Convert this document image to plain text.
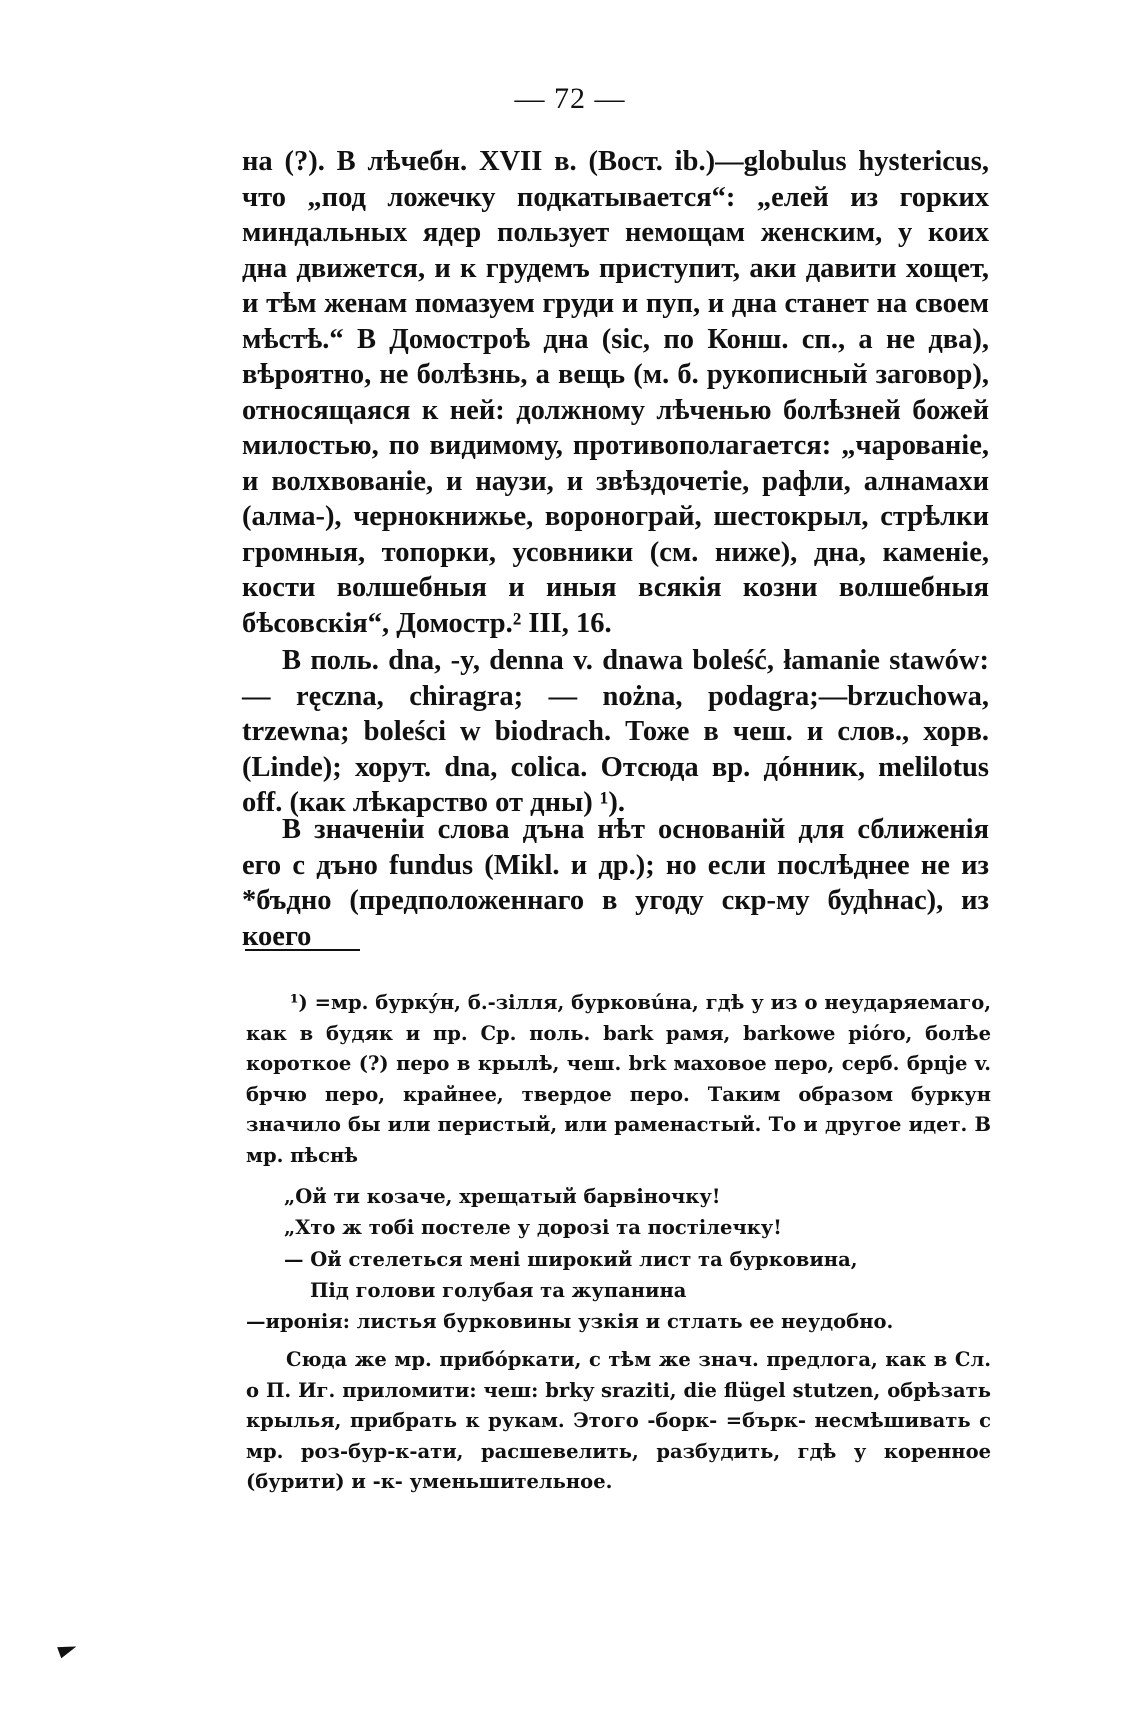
— 72 —

на (?). В лѣчебн. XVII в. (Вост. ib.)—globulus hystericus, что „под ложечку подкатывается“: „елей из горких миндальных ядер пользует немощам женским, у коих дна движется, и к грудемъ приступит, аки давити хощет, и тѣм женам помазуем груди и пуп, и дна станет на своем мѣстѣ.“ В Домостроѣ дна (sic, по Конш. сп., а не два), вѣроятно, не болѣзнь, а вещь (м. б. рукописный заговор), относящаяся к ней: должному лѣченью болѣзней божей милостью, по видимому, противополагается: „чарованіе, и волхвованіе, и наузи, и звѣздочетіе, рафли, алнамахи (алма-), чернокнижье, воронограй, шестокрыл, стрѣлки громныя, топорки, усовники (см. ниже), дна, каменіе, кости волшебныя и иныя всякія козни волшебныя бѣсовскія“, Домостр.² III, 16.

В поль. dna, -y, denna v. dnawa boleść, łamanie stawów: — ręczna, chiragra; — nożna, podagra;—brzuchowa, trzewna; boleści w biodrach. Тоже в чеш. и слов., хорв. (Linde); хорут. dna, colica. Отсюда вр. дóнник, melilotus off. (как лѣкарство от дны) ¹).

В значеніи слова дъна нѣт основаній для сближенія его с дъно fundus (Mikl. и др.); но если послѣднее не из *бъдно (предположеннаго в угоду скр-му будhнас), из коего

¹) =мр. буркýн, б.-зілля, бурковúна, гдѣ у из о неударяемаго, как в будяк и пр. Ср. поль. bark рамя, barkowe pióro, болѣе короткое (?) перо в крылѣ, чеш. brk маховое перо, серб. брцје v. брчю перо, крайнее, твердое перо. Таким образом буркун значило бы или перистый, или раменастый. То и другое идет. В мр. пѣснѣ
„Ой ти козаче, хрещатый барвіночку!
„Хто ж тобі постеле у дорозі та постілечку!
— Ой стелеться мені широкий лист та бурковина,
Під голови голубая та жупанина
—иронія: листья бурковины узкія и стлать ее неудобно.
Сюда же мр. прибóркати, с тѣм же знач. предлога, как в Сл. о П. Иг. приломити: чеш: brky sraziti, die flügel stutzen, обрѣзать крылья, прибрать к рукам. Этого -борк- =бърк- несмѣшивать с мр. роз-бур-к-ати, расшевелить, разбудить, гдѣ у коренное (бурити) и -к- уменьшительное.
►
